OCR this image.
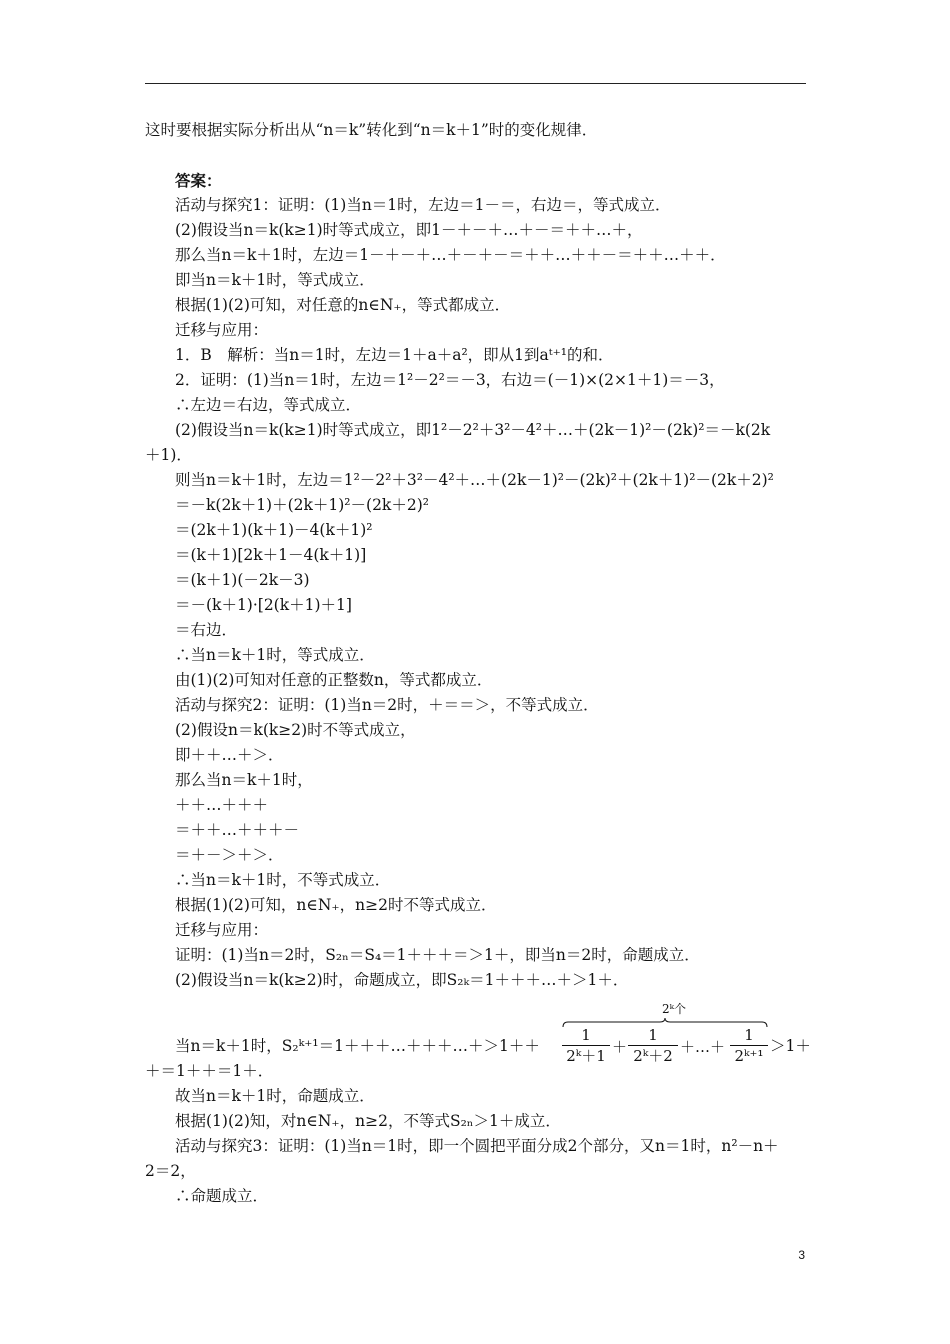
这时要根据实际分析出从“n＝k”转化到“n＝k＋1”时的变化规律．
答案：
活动与探究1：证明：(1)当n＝1时，左边＝1－＝，右边＝，等式成立．
(2)假设当n＝k(k≥1)时等式成立，即1－＋－＋…＋－＝＋＋…＋，
那么当n＝k＋1时，左边＝1－＋－＋…＋－＋－＝＋＋…＋＋－＝＋＋…＋＋．
即当n＝k＋1时，等式成立．
根据(1)(2)可知，对任意的n∈N₊，等式都成立．
迁移与应用：
1．B　解析：当n＝1时，左边＝1＋a＋a²，即从1到aᵗ⁺¹的和．
2．证明：(1)当n＝1时，左边＝1²－2²＝－3，右边＝(－1)×(2×1＋1)＝－3，
∴左边＝右边，等式成立．
(2)假设当n＝k(k≥1)时等式成立，即1²－2²＋3²－4²＋…＋(2k－1)²－(2k)²＝－k(2k
＋1)．
则当n＝k＋1时，左边＝1²－2²＋3²－4²＋…＋(2k－1)²－(2k)²＋(2k＋1)²－(2k＋2)²
＝－k(2k＋1)＋(2k＋1)²－(2k＋2)²
＝(2k＋1)(k＋1)－4(k＋1)²
＝(k＋1)[2k＋1－4(k＋1)]
＝(k＋1)(－2k－3)
＝－(k＋1)·[2(k＋1)＋1]
＝右边．
∴当n＝k＋1时，等式成立．
由(1)(2)可知对任意的正整数n，等式都成立．
活动与探究2：证明：(1)当n＝2时，＋＝＝＞，不等式成立．
(2)假设n＝k(k≥2)时不等式成立，
即＋＋…＋＞．
那么当n＝k＋1时，
＋＋…＋＋＋
＝＋＋…＋＋＋－
＝＋－＞＋＞．
∴当n＝k＋1时，不等式成立．
根据(1)(2)可知，n∈N₊，n≥2时不等式成立．
迁移与应用：
证明：(1)当n＝2时，S₂ₙ＝S₄＝1＋＋＋＝＞1＋，即当n＝2时，命题成立．
(2)假设当n＝k(k≥2)时，命题成立，即S₂ₖ＝1＋＋＋…＋＞1＋．
当n＝k＋1时，S₂ᵏ⁺¹＝1＋＋＋…＋＋＋…＋＞1＋＋	＞1＋
＋＝1＋＋＝1＋．
故当n＝k＋1时，命题成立．
根据(1)(2)知，对n∈N₊，n≥2，不等式S₂ₙ＞1＋成立．
活动与探究3：证明：(1)当n＝1时，即一个圆把平面分成2个部分，又n＝1时，n²－n＋
2＝2，
∴命题成立．
2ᵏ个
1
2ᵏ＋1 ＋
1
2ᵏ＋2 ＋…＋
1
2ᵏ⁺¹
3
